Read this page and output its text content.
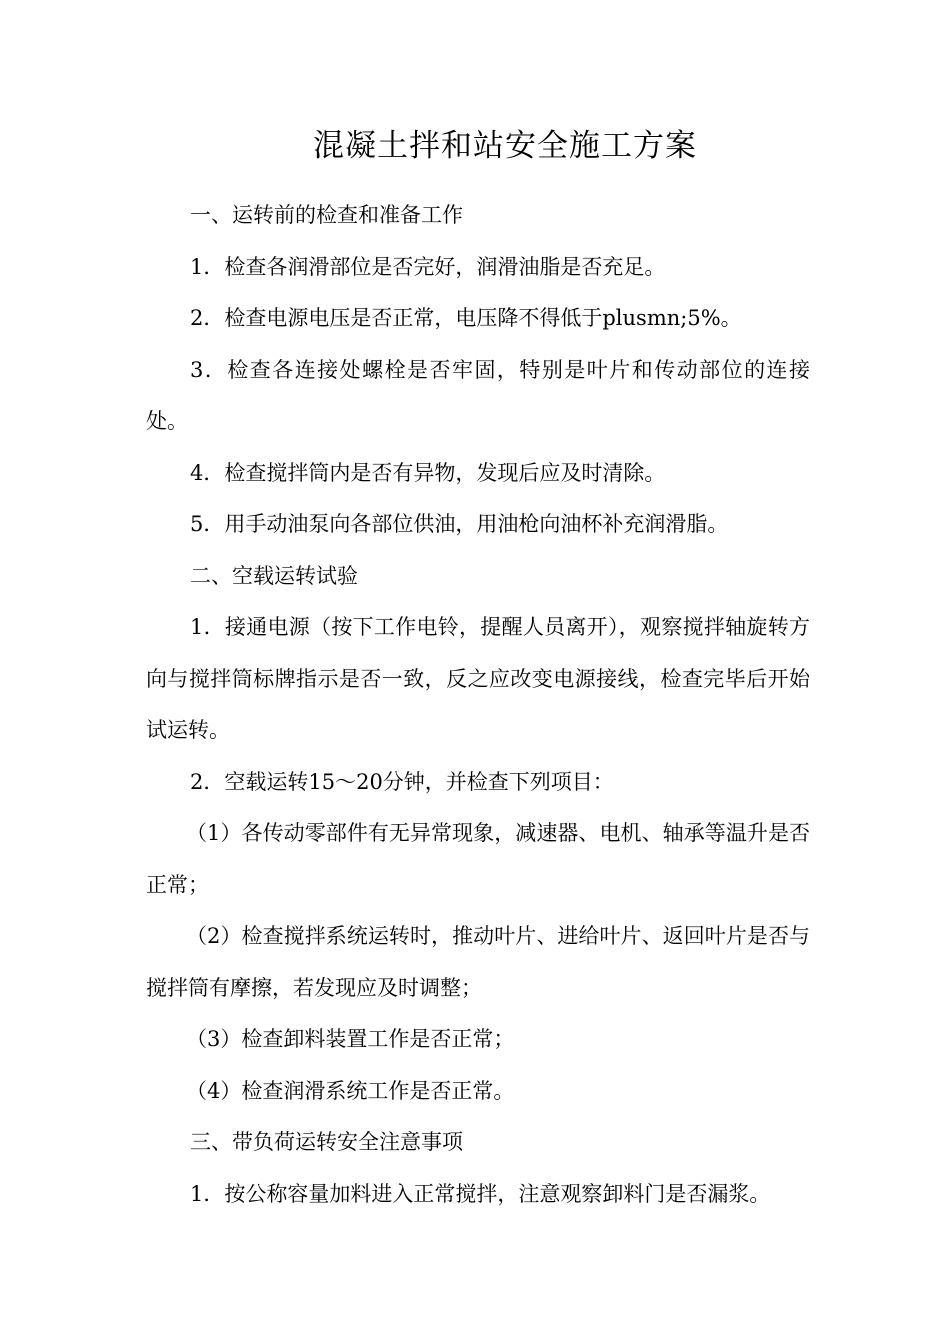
混凝土拌和站安全施工方案

一、运转前的检查和准备工作

1．检查各润滑部位是否完好，润滑油脂是否充足。

2．检查电源电压是否正常，电压降不得低于plusmn;5%。

3．检查各连接处螺栓是否牢固，特别是叶片和传动部位的连接处。

4．检查搅拌筒内是否有异物，发现后应及时清除。

5．用手动油泵向各部位供油，用油枪向油杯补充润滑脂。

二、空载运转试验

1．接通电源（按下工作电铃，提醒人员离开），观察搅拌轴旋转方向与搅拌筒标牌指示是否一致，反之应改变电源接线，检查完毕后开始试运转。

2．空载运转15～20分钟，并检查下列项目：

（1）各传动零部件有无异常现象，减速器、电机、轴承等温升是否正常；

（2）检查搅拌系统运转时，推动叶片、进给叶片、返回叶片是否与搅拌筒有摩擦，若发现应及时调整；

（3）检查卸料装置工作是否正常；

（4）检查润滑系统工作是否正常。

三、带负荷运转安全注意事项

1．按公称容量加料进入正常搅拌，注意观察卸料门是否漏浆。
